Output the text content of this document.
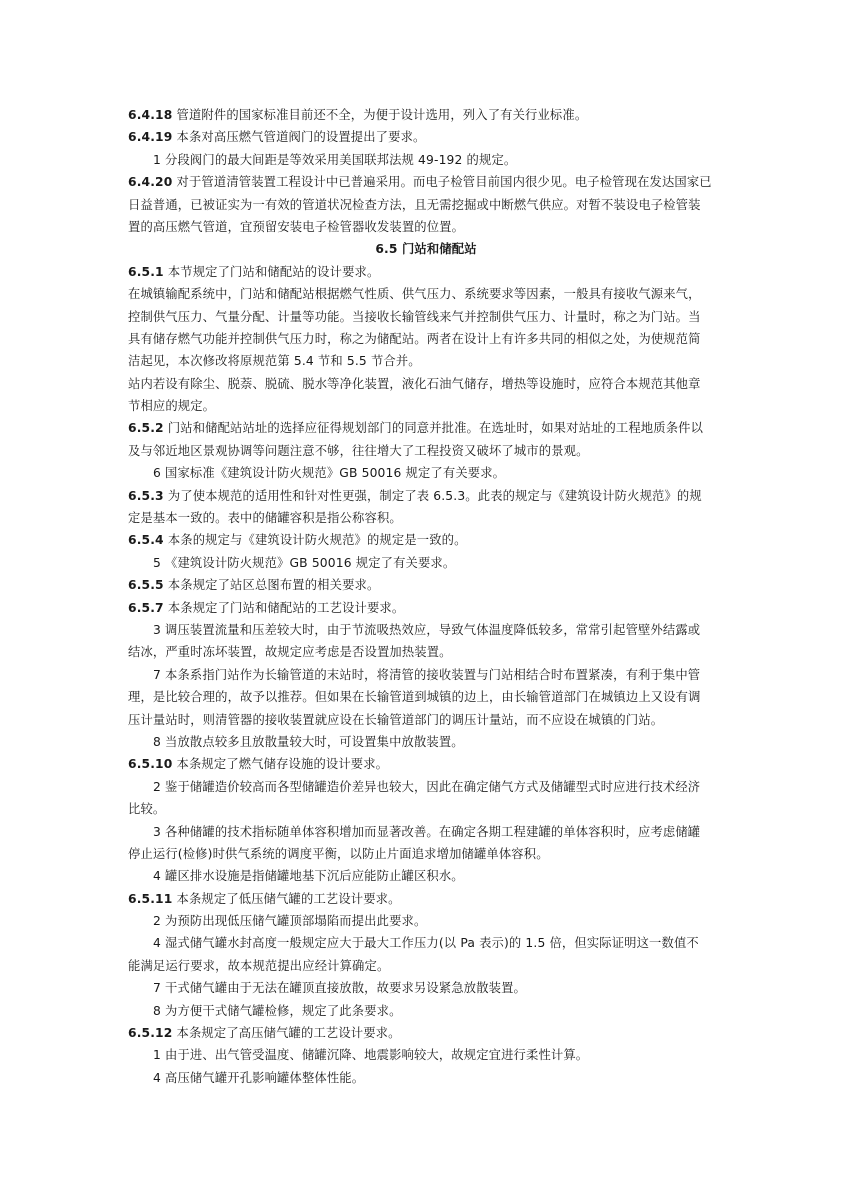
6.4.18 管道附件的国家标准目前还不全，为便于设计选用，列入了有关行业标准。
6.4.19 本条对高压燃气管道阀门的设置提出了要求。
1 分段阀门的最大间距是等效采用美国联邦法规 49-192 的规定。
6.4.20 对于管道清管装置工程设计中已普遍采用。而电子检管目前国内很少见。电子检管现在发达国家已
日益普通，已被证实为一有效的管道状况检查方法，且无需挖掘或中断燃气供应。对暂不装设电子检管装
置的高压燃气管道，宜预留安装电子检管器收发装置的位置。
6.5 门站和储配站
6.5.1 本节规定了门站和储配站的设计要求。
在城镇输配系统中，门站和储配站根据燃气性质、供气压力、系统要求等因素，一般具有接收气源来气，
控制供气压力、气量分配、计量等功能。当接收长输管线来气并控制供气压力、计量时，称之为门站。当
具有储存燃气功能并控制供气压力时，称之为储配站。两者在设计上有许多共同的相似之处，为使规范简
洁起见，本次修改将原规范第 5.4 节和 5.5 节合并。
站内若设有除尘、脱萘、脱硫、脱水等净化装置，液化石油气储存，增热等设施时，应符合本规范其他章
节相应的规定。
6.5.2 门站和储配站站址的选择应征得规划部门的同意并批准。在选址时，如果对站址的工程地质条件以
及与邻近地区景观协调等问题注意不够，往往增大了工程投资又破坏了城市的景观。
6 国家标准《建筑设计防火规范》GB 50016 规定了有关要求。
6.5.3 为了使本规范的适用性和针对性更强，制定了表 6.5.3。此表的规定与《建筑设计防火规范》的规
定是基本一致的。表中的储罐容积是指公称容积。
6.5.4 本条的规定与《建筑设计防火规范》的规定是一致的。
5 《建筑设计防火规范》GB 50016 规定了有关要求。
6.5.5 本条规定了站区总图布置的相关要求。
6.5.7 本条规定了门站和储配站的工艺设计要求。
3 调压装置流量和压差较大时，由于节流吸热效应，导致气体温度降低较多，常常引起管壁外结露或
结冰，严重时冻坏装置，故规定应考虑是否设置加热装置。
7 本条系指门站作为长输管道的末站时，将清管的接收装置与门站相结合时布置紧凑，有利于集中管
理，是比较合理的，故予以推荐。但如果在长输管道到城镇的边上，由长输管道部门在城镇边上又设有调
压计量站时，则清管器的接收装置就应设在长输管道部门的调压计量站，而不应设在城镇的门站。
8 当放散点较多且放散量较大时，可设置集中放散装置。
6.5.10 本条规定了燃气储存设施的设计要求。
2 鉴于储罐造价较高而各型储罐造价差异也较大，因此在确定储气方式及储罐型式时应进行技术经济
比较。
3 各种储罐的技术指标随单体容积增加而显著改善。在确定各期工程建罐的单体容积时，应考虑储罐
停止运行(检修)时供气系统的调度平衡，以防止片面追求增加储罐单体容积。
4 罐区排水设施是指储罐地基下沉后应能防止罐区积水。
6.5.11 本条规定了低压储气罐的工艺设计要求。
2 为预防出现低压储气罐顶部塌陷而提出此要求。
4 湿式储气罐水封高度一般规定应大于最大工作压力(以 Pa 表示)的 1.5 倍，但实际证明这一数值不
能满足运行要求，故本规范提出应经计算确定。
7 干式储气罐由于无法在罐顶直接放散，故要求另设紧急放散装置。
8 为方便干式储气罐检修，规定了此条要求。
6.5.12 本条规定了高压储气罐的工艺设计要求。
1 由于进、出气管受温度、储罐沉降、地震影响较大，故规定宜进行柔性计算。
4 高压储气罐开孔影响罐体整体性能。
